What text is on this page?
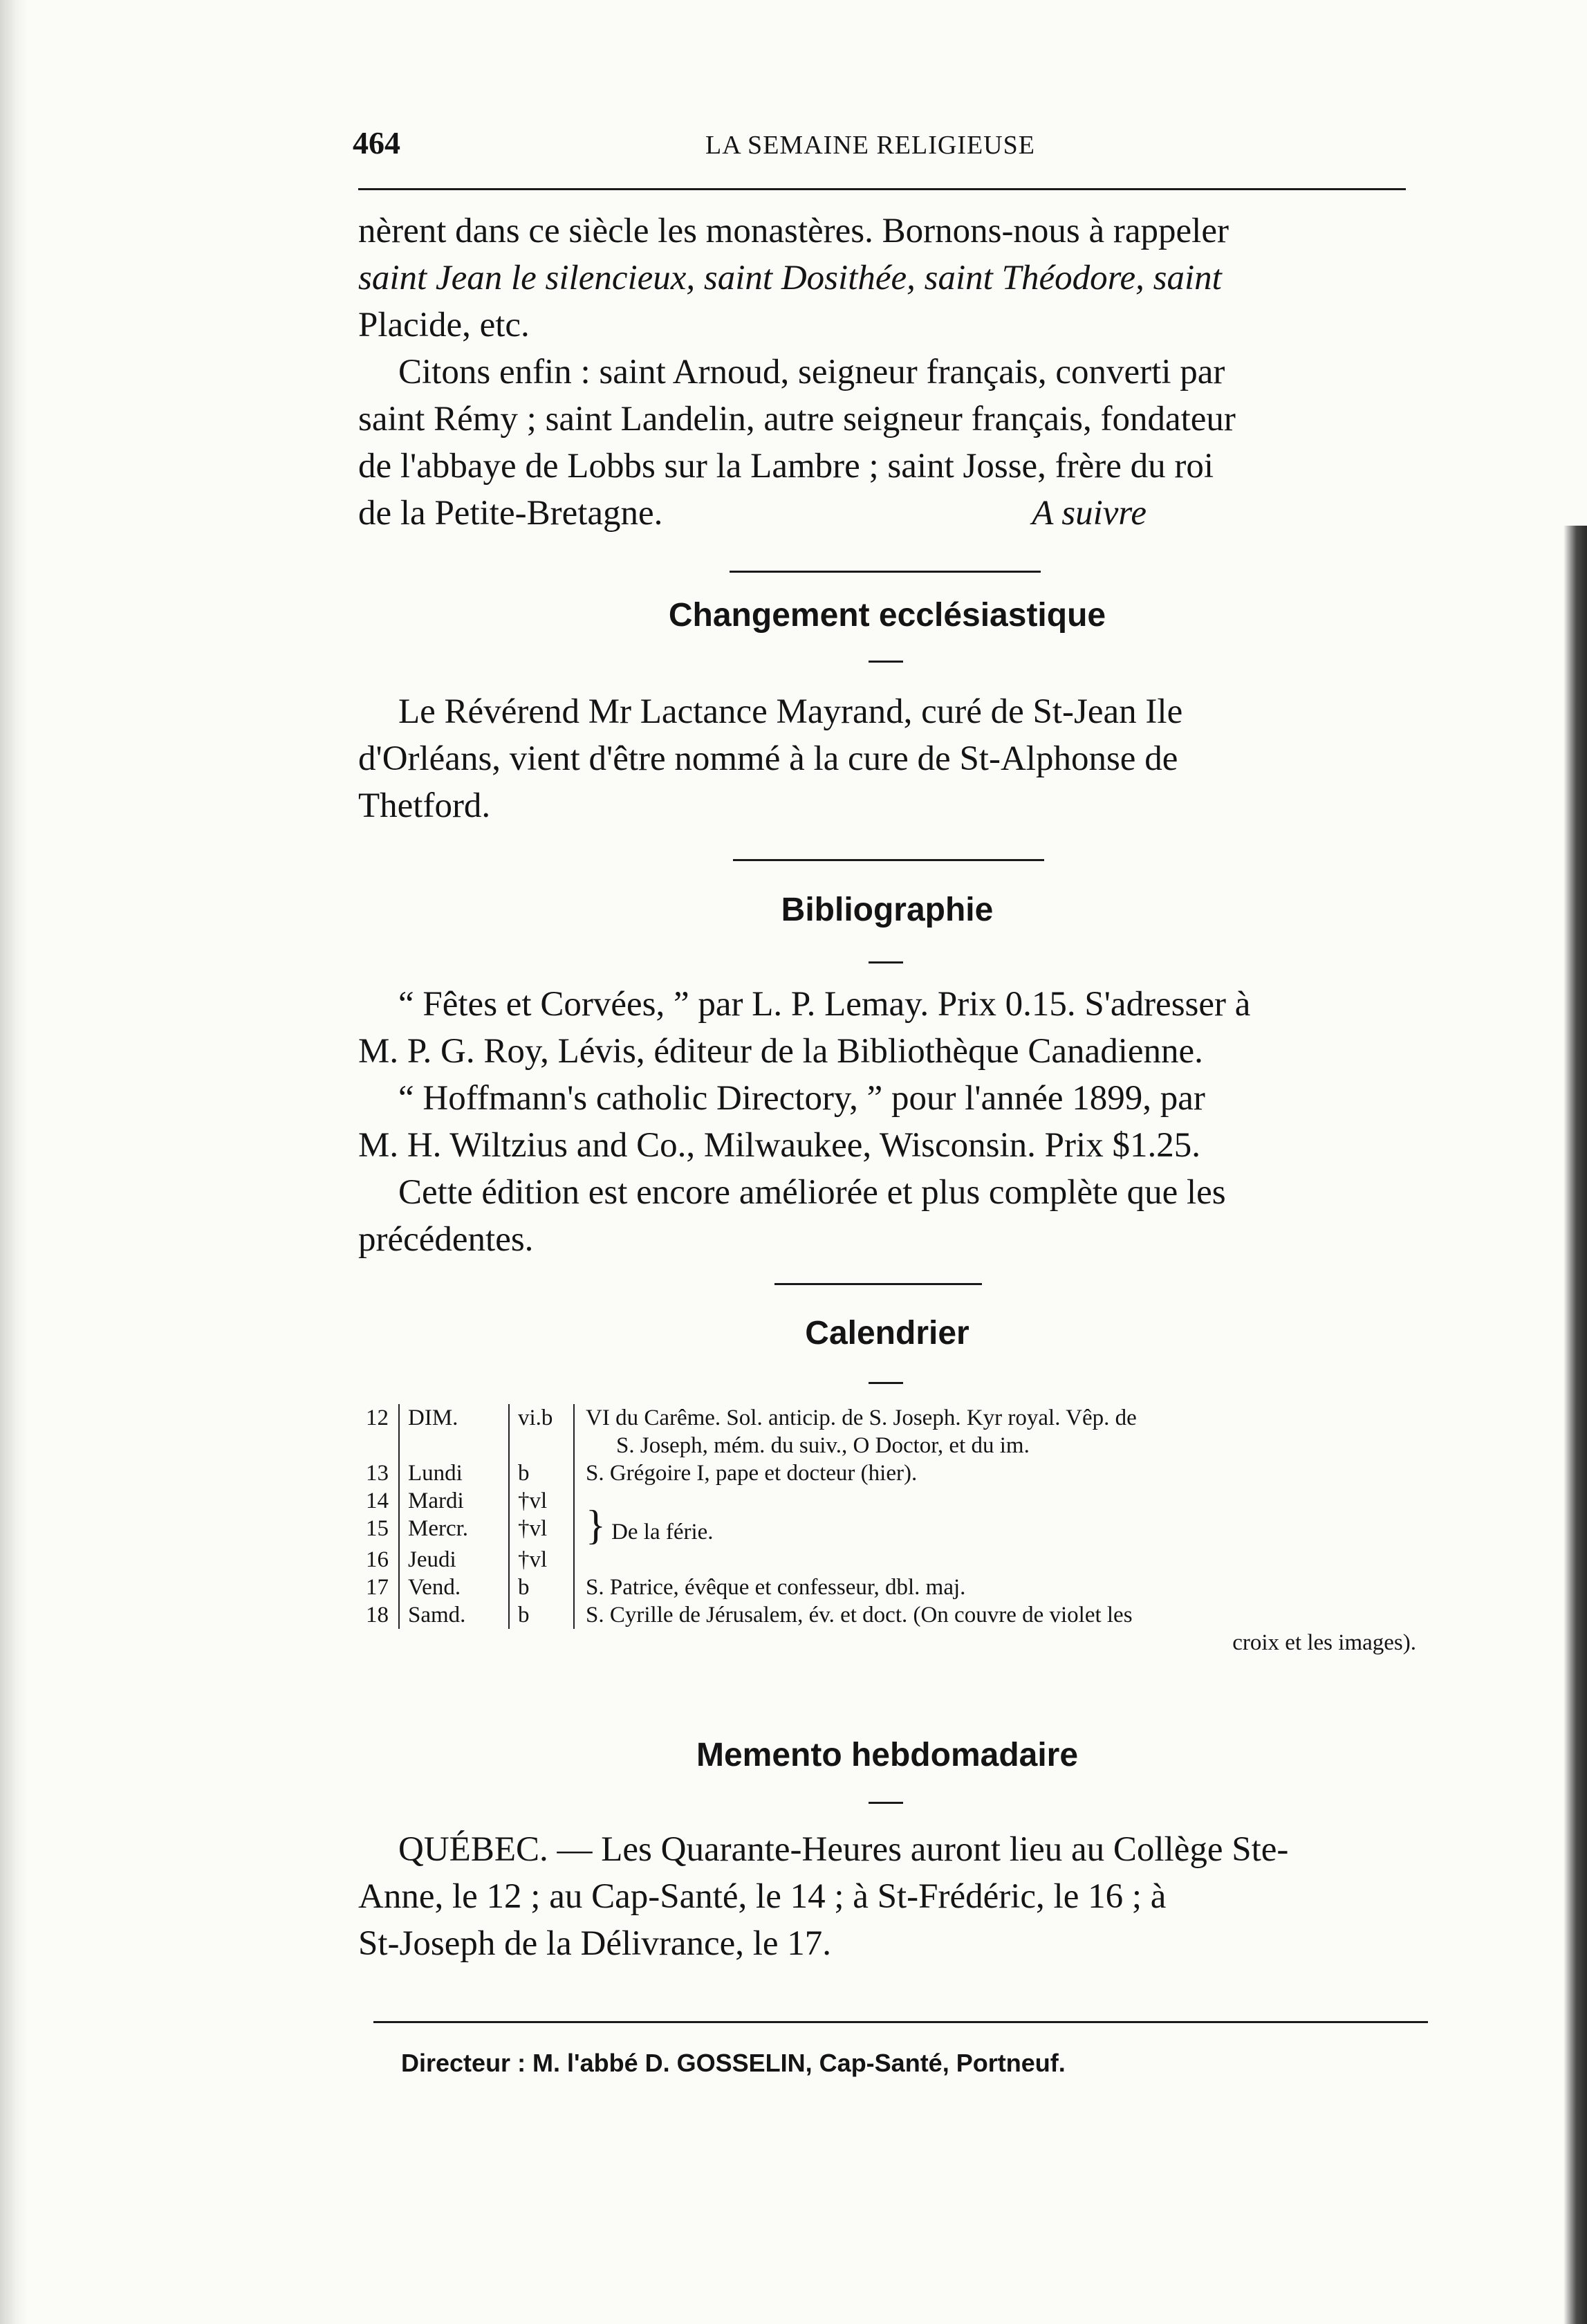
464	LA SEMAINE RELIGIEUSE

nèrent dans ce siècle les monastères. Bornons-nous à rappeler

saint Jean le silencieux, saint Dosithée, saint Théodore, saint

Placide, etc.

Citons enfin : saint Arnoud, seigneur français, converti par

saint Rémy ; saint Landelin, autre seigneur français, fondateur

de l'abbaye de Lobbs sur la Lambre ; saint Josse, frère du roi

de la Petite-Bretagne.	A suivre

Changement ecclésiastique

Le Révérend Mr Lactance Mayrand, curé de St-Jean Ile

d'Orléans, vient d'être nommé à la cure de St-Alphonse de

Thetford.

Bibliographie

“ Fêtes et Corvées, ” par L. P. Lemay. Prix 0.15. S'adresser à

M. P. G. Roy, Lévis, éditeur de la Bibliothèque Canadienne.

“ Hoffmann's catholic Directory, ” pour l'année 1899, par

M. H. Wiltzius and Co., Milwaukee, Wisconsin. Prix $1.25.

Cette édition est encore améliorée et plus complète que les

précédentes.

Calendrier
12 DIM.	vi.b	VI du Carême. Sol. anticip. de S. Joseph. Kyr royal. Vêp. de
S. Joseph, mém. du suiv., O Doctor, et du im.
13 Lundi	b	S. Grégoire I, pape et docteur (hier).
14 Mardi	†vl
15 Mercr.	†vl } De la férie.
16 Jeudi	†vl
17 Vend.	b	S. Patrice, évêque et confesseur, dbl. maj.
18 Samd.	b	S. Cyrille de Jérusalem, év. et doct. (On couvre de violet les
croix et les images).
Memento hebdomadaire

QUÉBEC. — Les Quarante-Heures auront lieu au Collège Ste-

Anne, le 12 ; au Cap-Santé, le 14 ; à St-Frédéric, le 16 ; à

St-Joseph de la Délivrance, le 17.

Directeur : M. l'abbé D. GOSSELIN, Cap-Santé, Portneuf.
